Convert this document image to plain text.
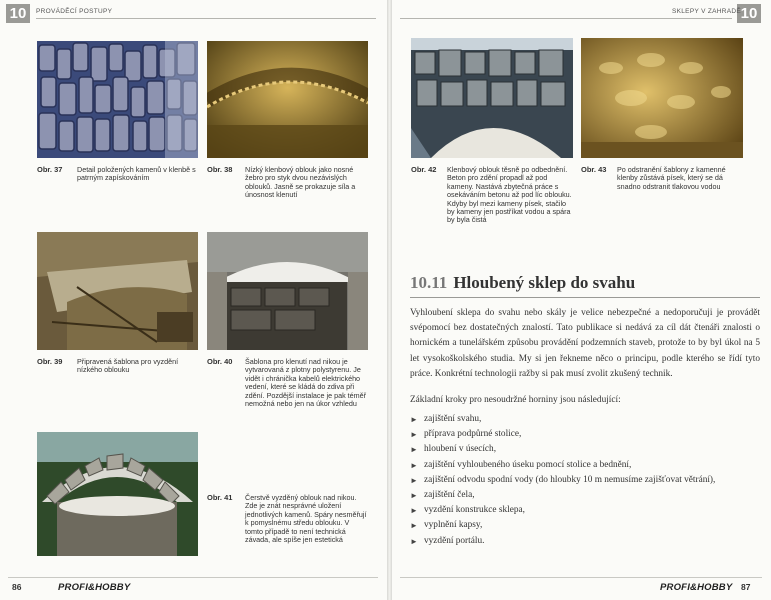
10	PROVÁDĚCÍ POSTUPY
Obr. 37 Detail položených kamenů v klenbě s patrným zapískováním
Obr. 38 Nízký klenbový oblouk jako nosné žebro pro styk dvou nezávislých oblouků. Jasně se prokazuje síla a únosnost klenutí
Obr. 39 Připravená šablona pro vyzdění nízkého oblouku
Obr. 40 Šablona pro klenutí nad nikou je vytvarovaná z plotny polystyrenu. Je vidět i chránička kabelů elektrického vedení, které se kládá do zdiva při zdění. Pozdější instalace je pak téměř nemožná nebo jen na úkor vzhledu
Obr. 41 Čerstvě vyzděný oblouk nad nikou. Zde je znát nesprávné uložení jednotlivých kamenů. Spáry nesměřují k pomyslnému středu oblouku. V tomto případě to není technická závada, ale spíše jen estetická
86	PROFI&HOBBY
10
SKLEPY V ZAHRADĚ
Obr. 42 Klenbový oblouk těsně po odbednění. Beton pro zdění propadl až pod kameny. Nastává zbytečná práce s osekáváním betonu až pod líc oblouku. Kdyby byl mezi kameny písek, stačilo by kameny jen postříkat vodou a spára by byla čistá
Obr. 43 Po odstranění šablony z kamenné klenby zůstává písek, který se dá snadno odstranit tlakovou vodou
10.11 Hloubený sklep do svahu
Vyhloubení sklepa do svahu nebo skály je velice nebezpečné a nedoporučuji je provádět svépomocí bez dostatečných znalostí. Tato publikace si nedává za cíl dát čtenáři znalosti o hornickém a tunelářském způsobu provádění podzemních staveb, protože to by byl úkol na 5 let vysokoškolského studia. My si jen řekneme něco o principu, podle kterého se řídí tyto práce. Konkrétní technologii ražby si pak musí zvolit zkušený technik.
Základní kroky pro nesoudržné horniny jsou následující:
► zajištění svahu,
► příprava podpůrné stolice,
► hloubení v úsecích,
► zajištění vyhloubeného úseku pomocí stolice a bednění,
► zajištění odvodu spodní vody (do hloubky 10 m nemusíme zajišťovat větrání),
► zajištění čela,
► vyzdění konstrukce sklepa,
► vyplnění kapsy,
► vyzdění portálu.
PROFI&HOBBY 87
